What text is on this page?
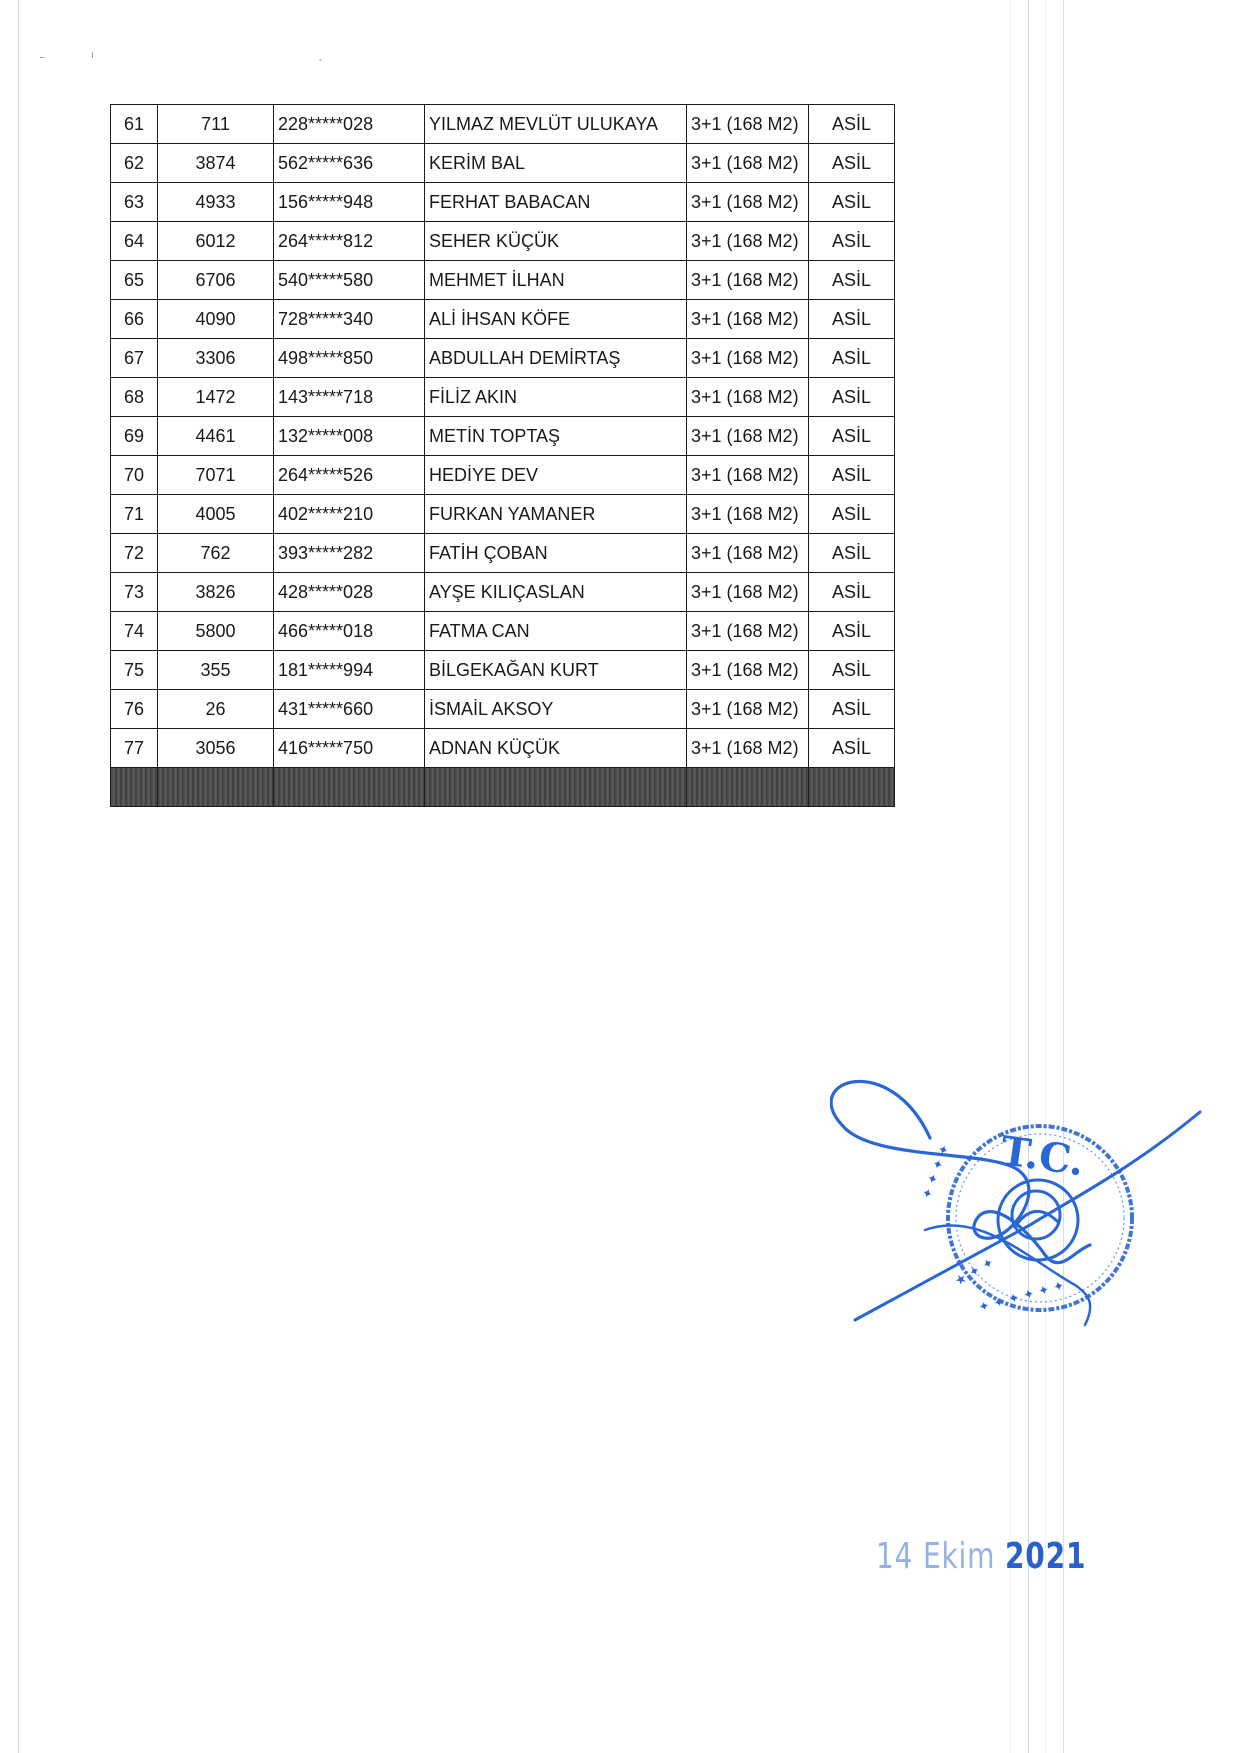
61	711	228*****028	YILMAZ MEVLÜT ULUKAYA	3+1 (168 M2)	ASİL
62	3874	562*****636	KERİM BAL	3+1 (168 M2)	ASİL
63	4933	156*****948	FERHAT BABACAN	3+1 (168 M2)	ASİL
64	6012	264*****812	SEHER KÜÇÜK	3+1 (168 M2)	ASİL
65	6706	540*****580	MEHMET İLHAN	3+1 (168 M2)	ASİL
66	4090	728*****340	ALİ İHSAN KÖFE	3+1 (168 M2)	ASİL
67	3306	498*****850	ABDULLAH DEMİRTAŞ	3+1 (168 M2)	ASİL
68	1472	143*****718	FİLİZ AKIN	3+1 (168 M2)	ASİL
69	4461	132*****008	METİN TOPTAŞ	3+1 (168 M2)	ASİL
70	7071	264*****526	HEDİYE DEV	3+1 (168 M2)	ASİL
71	4005	402*****210	FURKAN YAMANER	3+1 (168 M2)	ASİL
72	762	393*****282	FATİH ÇOBAN	3+1 (168 M2)	ASİL
73	3826	428*****028	AYŞE KILIÇASLAN	3+1 (168 M2)	ASİL
74	5800	466*****018	FATMA CAN	3+1 (168 M2)	ASİL
75	355	181*****994	BİLGEKAĞAN KURT	3+1 (168 M2)	ASİL
76	26	431*****660	İSMAİL AKSOY	3+1 (168 M2)	ASİL
77	3056	416*****750	ADNAN KÜÇÜK	3+1 (168 M2)	ASİL

T.C.
★ ✦ ✦
✦ ✦ ✦ ✦ ✦ ✦
✦ ✦ ✦ ✦
14 Ekim 2021
